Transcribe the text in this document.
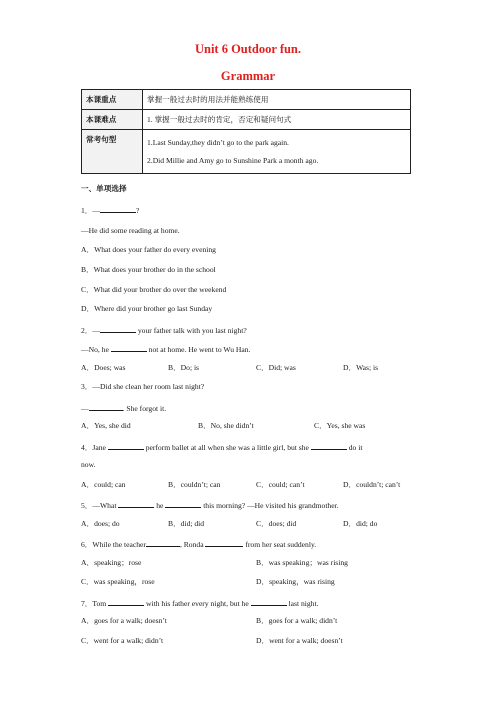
Unit 6 Outdoor fun.
Grammar
本课重点	掌握一般过去时的用法并能熟练使用
本课难点	1. 掌握一般过去时的肯定，否定和疑问句式
常考句型	1.Last Sunday,they didn’t go to the park again.
2.Did Millie and Amy go to Sunshine Park a month ago.
一、单项选择
1．—	?
—He did some reading at home.
A．What does your father do every evening
B．What does your brother do in the school
C．What did your brother do over the weekend
D．Where did your brother go last Sunday
2．—	your father talk with you last night?
—No, he	not at home. He went to Wu Han.
A．Does; was	B．Do; is	C．Did; was	D．Was; is
3．—Did she clean her room last night?
—	. She forgot it.
A．Yes, she did	B．No, she didn’t	C．Yes, she was
4．Jane	perform ballet at all when she was a little girl, but she	do it
now.
A．could; can	B．couldn’t; can	C．could; can’t	D．couldn’t; can’t
5．—What	he	this morning? —He visited his grandmother.
A．does; do	B．did; did	C．does; did	D．did; do
6．While the teacher	, Ronda	from her seat suddenly.
A．speaking；rose	B．was speaking；was rising
C．was speaking，rose	D．speaking，was rising
7．Tom	with his father every night, but he	last night.
A．goes for a walk; doesn’t	B．goes for a walk; didn’t
C．went for a walk; didn’t	D．went for a walk; doesn’t
